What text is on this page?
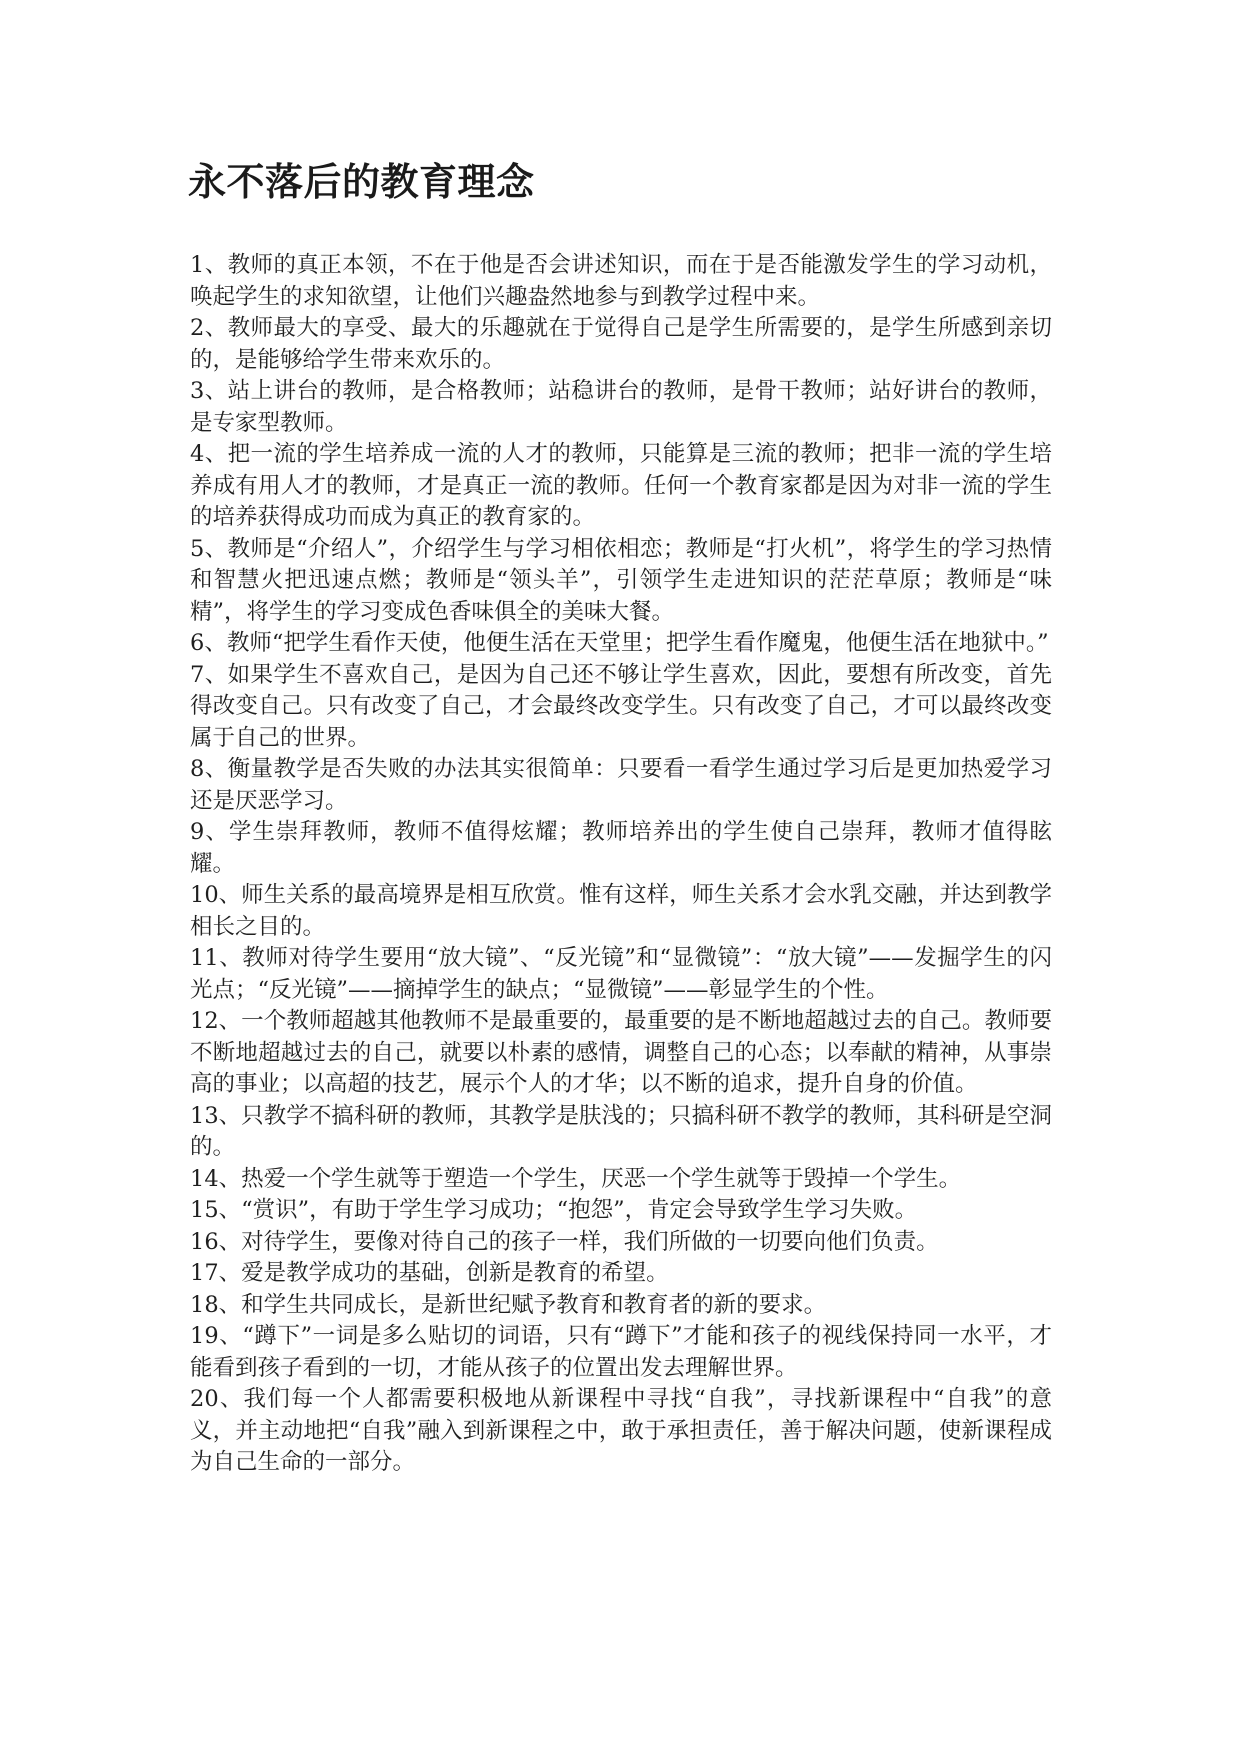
永不落后的教育理念

1、教师的真正本领，不在于他是否会讲述知识，而在于是否能激发学生的学习动机，唤起学生的求知欲望，让他们兴趣盎然地参与到教学过程中来。

2、教师最大的享受、最大的乐趣就在于觉得自己是学生所需要的，是学生所感到亲切的，是能够给学生带来欢乐的。

3、站上讲台的教师，是合格教师；站稳讲台的教师，是骨干教师；站好讲台的教师，是专家型教师。

4、把一流的学生培养成一流的人才的教师，只能算是三流的教师；把非一流的学生培养成有用人才的教师，才是真正一流的教师。任何一个教育家都是因为对非一流的学生的培养获得成功而成为真正的教育家的。

5、教师是“介绍人”，介绍学生与学习相依相恋；教师是“打火机”，将学生的学习热情和智慧火把迅速点燃；教师是“领头羊”，引领学生走进知识的茫茫草原；教师是“味精”，将学生的学习变成色香味俱全的美味大餐。

6、教师“把学生看作天使，他便生活在天堂里；把学生看作魔鬼，他便生活在地狱中。”

7、如果学生不喜欢自己，是因为自己还不够让学生喜欢，因此，要想有所改变，首先得改变自己。只有改变了自己，才会最终改变学生。只有改变了自己，才可以最终改变属于自己的世界。

8、衡量教学是否失败的办法其实很简单：只要看一看学生通过学习后是更加热爱学习还是厌恶学习。

9、学生崇拜教师，教师不值得炫耀；教师培养出的学生使自己崇拜，教师才值得眩耀。

10、师生关系的最高境界是相互欣赏。惟有这样，师生关系才会水乳交融，并达到教学相长之目的。

11、教师对待学生要用“放大镜”、“反光镜”和“显微镜”：“放大镜”——发掘学生的闪光点；“反光镜”——摘掉学生的缺点；“显微镜”——彰显学生的个性。

12、一个教师超越其他教师不是最重要的，最重要的是不断地超越过去的自己。教师要不断地超越过去的自己，就要以朴素的感情，调整自己的心态；以奉献的精神，从事崇高的事业；以高超的技艺，展示个人的才华；以不断的追求，提升自身的价值。

13、只教学不搞科研的教师，其教学是肤浅的；只搞科研不教学的教师，其科研是空洞的。

14、热爱一个学生就等于塑造一个学生，厌恶一个学生就等于毁掉一个学生。

15、“赏识”，有助于学生学习成功；“抱怨”，肯定会导致学生学习失败。

16、对待学生，要像对待自己的孩子一样，我们所做的一切要向他们负责。

17、爱是教学成功的基础，创新是教育的希望。

18、和学生共同成长，是新世纪赋予教育和教育者的新的要求。

19、“蹲下”一词是多么贴切的词语，只有“蹲下”才能和孩子的视线保持同一水平，才能看到孩子看到的一切，才能从孩子的位置出发去理解世界。

20、我们每一个人都需要积极地从新课程中寻找“自我”，寻找新课程中“自我”的意义，并主动地把“自我”融入到新课程之中，敢于承担责任，善于解决问题，使新课程成为自己生命的一部分。
